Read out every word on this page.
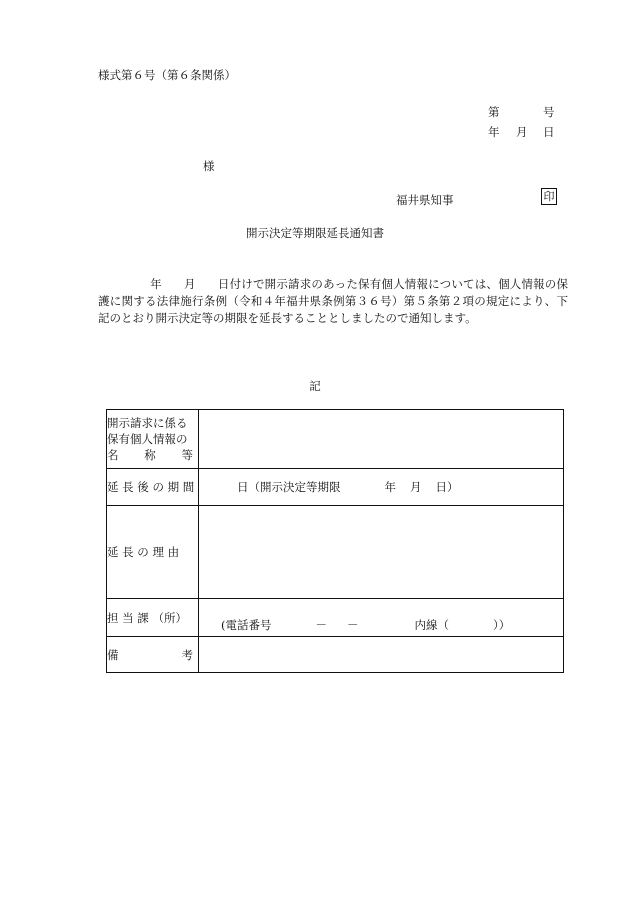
様式第６号（第６条関係）
第	号
年 月 日
様
福井県知事	印
開示決定等期限延長通知書
年 月 日付けで開示請求のあった保有個人情報については、個人情報の保護に関する法律施行条例（令和４年福井県条例第３６号）第５条第２項の規定により、下記のとおり開示決定等の期限を延長することとしましたので通知します。
記
開示請求に係る
保有個人情報の
名 称 等	

延 長 後 の 期 間	日（開示決定等期限 年 月 日）
延 長 の 理 由	
担 当 課 （所）	(電話番号 － － 内線（ ））

備 考	
